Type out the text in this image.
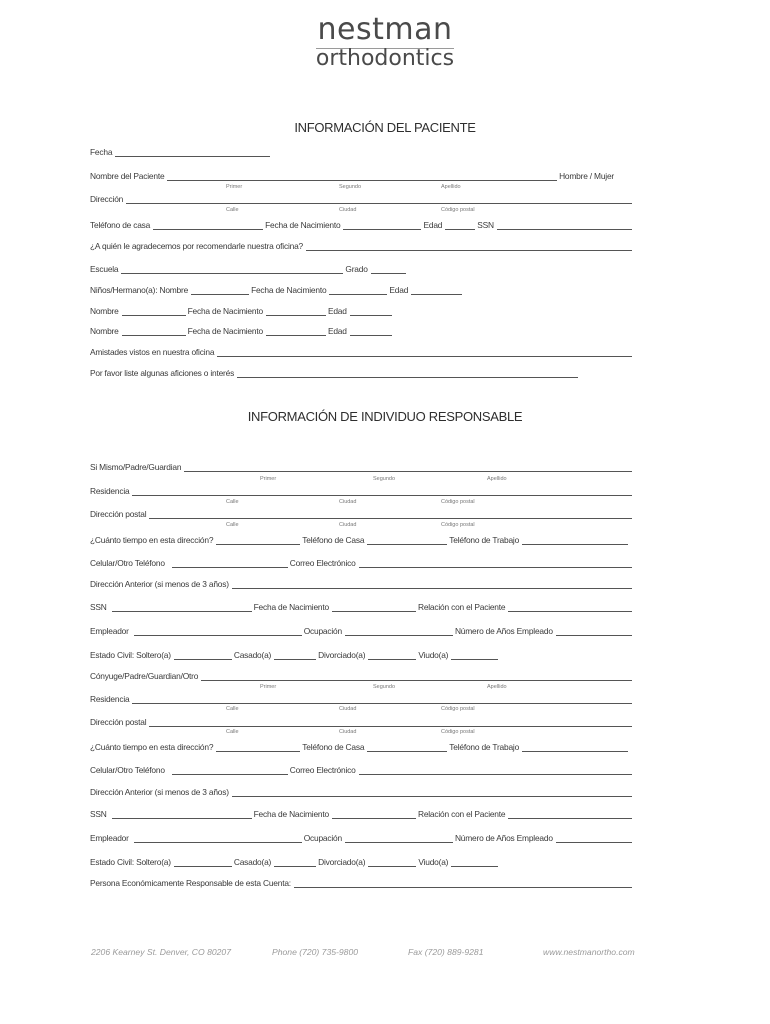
nestman
orthodontics
INFORMACIÓN DEL PACIENTE
Fecha
Nombre del Paciente	Hombre / Mujer
Primer	Segundo	Apellido
Dirección
Calle	Ciudad	Código postal
Teléfono de casa	Fecha de Nacimiento	Edad	SSN
¿A quién le agradecemos por recomendarle nuestra oficina?
Escuela	Grado
Niños/Hermano(a): Nombre	Fecha de Nacimiento	Edad
Nombre	Fecha de Nacimiento	Edad
Nombre	Fecha de Nacimiento	Edad
Amistades vistos en nuestra oficina
Por favor liste algunas aficiones o interés
INFORMACIÓN DE INDIVIDUO RESPONSABLE
Si Mismo/Padre/Guardian
Primer	Segundo	Apellido
Residencia
Calle	Ciudad	Código postal
Dirección postal
Calle	Ciudad	Código postal
¿Cuánto tiempo en esta dirección?	Teléfono de Casa	Teléfono de Trabajo
Celular/Otro Teléfono	Correo Electrónico
Dirección Anterior (si menos de 3 años)
SSN	Fecha de Nacimiento	Relación con el Paciente
Empleador	Ocupación	Número de Años Empleado
Estado Civil: Soltero(a)	Casado(a)	Divorciado(a)	Viudo(a)
Cónyuge/Padre/Guardian/Otro
Primer	Segundo	Apellido
Residencia
Calle	Ciudad	Código postal
Dirección postal
Calle	Ciudad	Código postal
¿Cuánto tiempo en esta dirección?	Teléfono de Casa	Teléfono de Trabajo
Celular/Otro Teléfono	Correo Electrónico
Dirección Anterior (si menos de 3 años)
SSN	Fecha de Nacimiento	Relación con el Paciente
Empleador	Ocupación	Número de Años Empleado
Estado Civil: Soltero(a)	Casado(a)	Divorciado(a)	Viudo(a)
Persona Económicamente Responsable de esta Cuenta:
2206 Kearney St. Denver, CO 80207	Phone (720) 735-9800	Fax (720) 889-9281	www.nestmanortho.com
